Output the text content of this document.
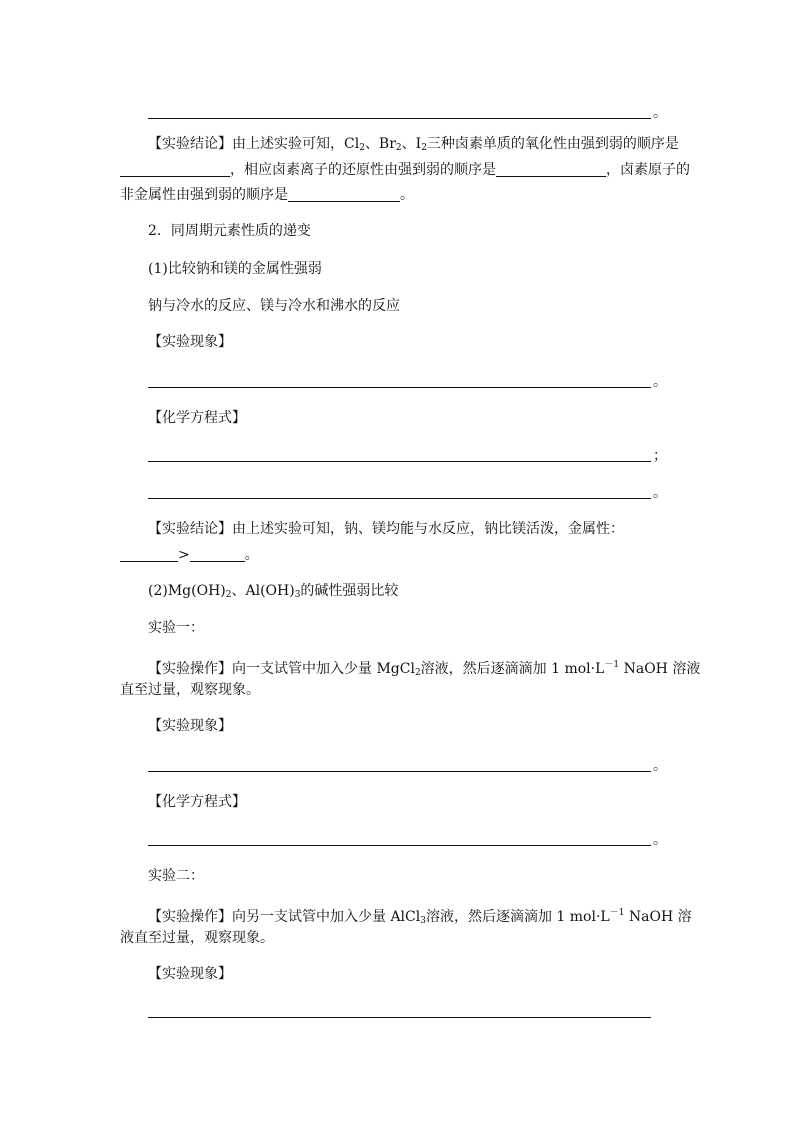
。
【实验结论】由上述实验可知，$Cl_2$、$Br_2$、$I_2$三种卤素单质的氧化性由强到弱的顺序是
，相应卤素离子的还原性由强到弱的顺序是	，卤素原子的
非金属性由强到弱的顺序是	。
2．同周期元素性质的递变
(1)比较钠和镁的金属性强弱
钠与冷水的反应、镁与冷水和沸水的反应
【实验现象】
。
【化学方程式】
；
。
【实验结论】由上述实验可知，钠、镁均能与水反应，钠比镁活泼，金属性：
>	。
$(2)Mg(OH)_2$、$Al(OH)_3$的碱性强弱比较
实验一：
【实验操作】向一支试管中加入少量 MgCl$_2$溶液，然后逐滴滴加 1 $mol\cdot L^{-1}$ NaOH 溶液
直至过量，观察现象。
【实验现象】
。
【化学方程式】
。
实验二：
【实验操作】向另一支试管中加入少量 AlCl$_3$溶液，然后逐滴滴加 1 $mol\cdot L^{-1}$ NaOH 溶
液直至过量，观察现象。
【实验现象】
